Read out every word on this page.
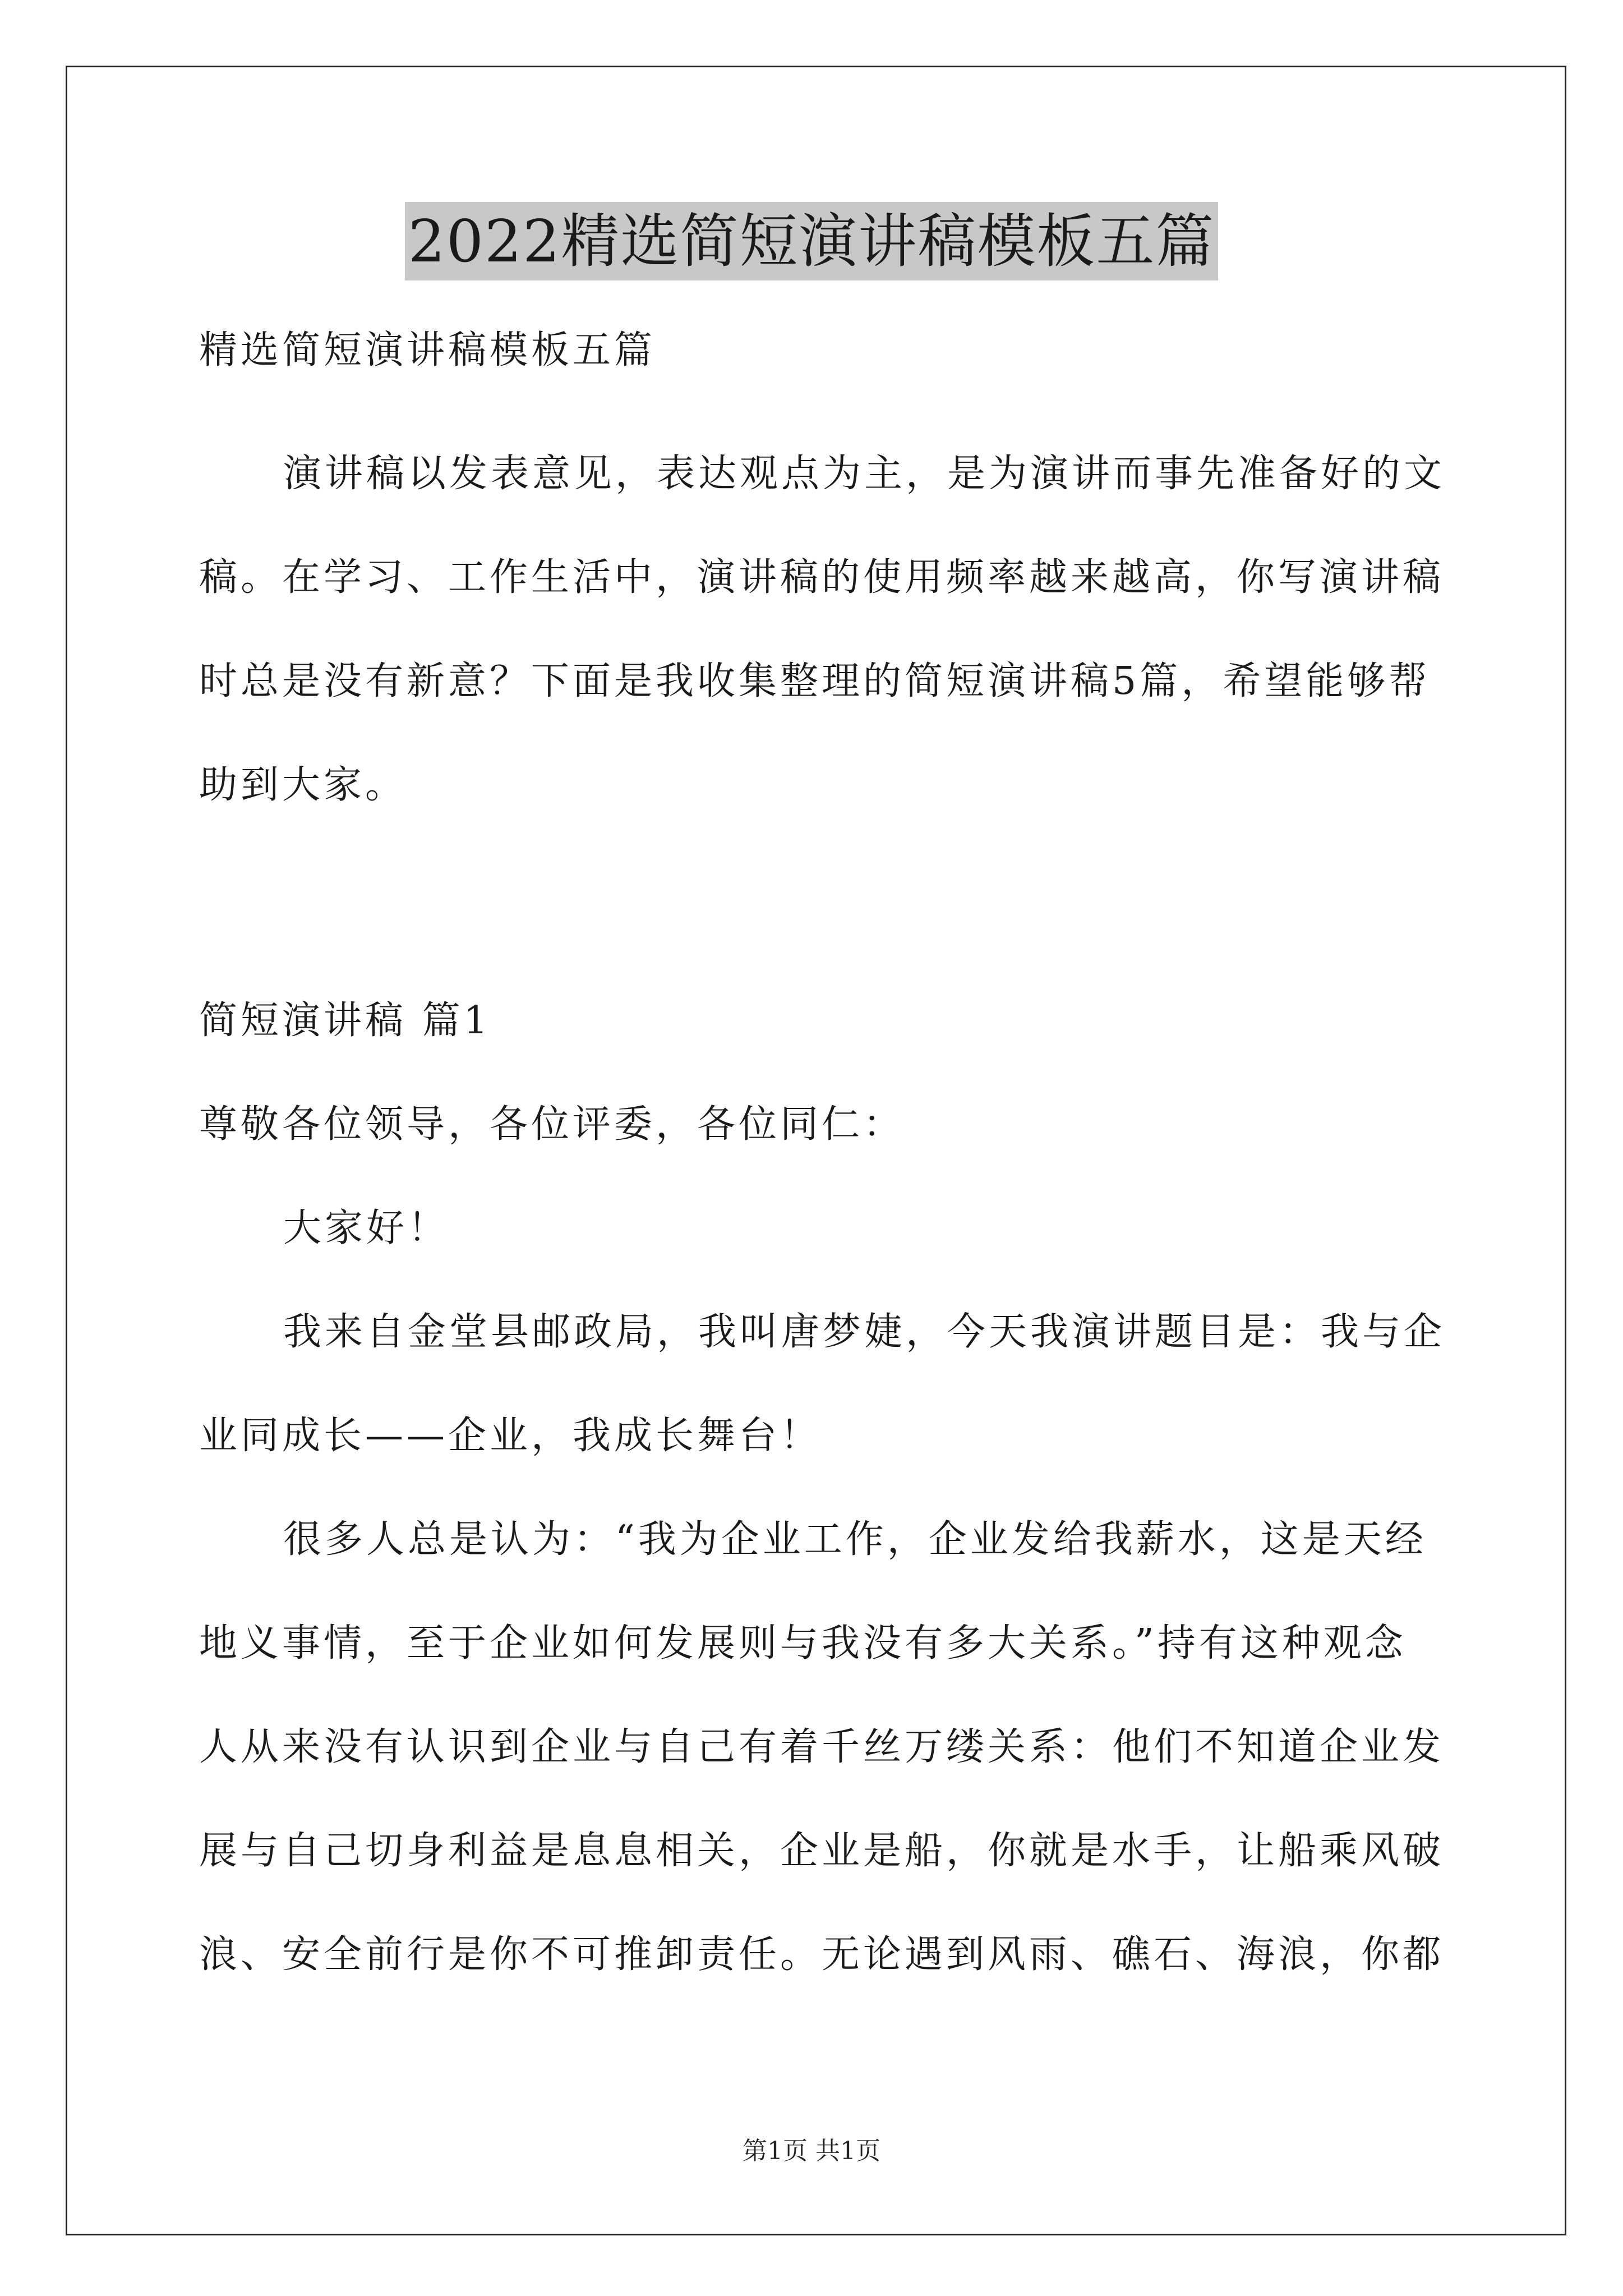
2022精选简短演讲稿模板五篇
精选简短演讲稿模板五篇
演讲稿以发表意见，表达观点为主，是为演讲而事先准备好的文
稿。在学习、工作生活中，演讲稿的使用频率越来越高，你写演讲稿
时总是没有新意？下面是我收集整理的简短演讲稿5篇，希望能够帮
助到大家。
简短演讲稿 篇1
尊敬各位领导，各位评委，各位同仁：
大家好！
我来自金堂县邮政局，我叫唐梦婕，今天我演讲题目是：我与企
业同成长——企业，我成长舞台！
很多人总是认为：“我为企业工作，企业发给我薪水，这是天经
地义事情，至于企业如何发展则与我没有多大关系。”持有这种观念
人从来没有认识到企业与自己有着千丝万缕关系：他们不知道企业发
展与自己切身利益是息息相关，企业是船，你就是水手，让船乘风破
浪、安全前行是你不可推卸责任。无论遇到风雨、礁石、海浪，你都
第1页 共1页
